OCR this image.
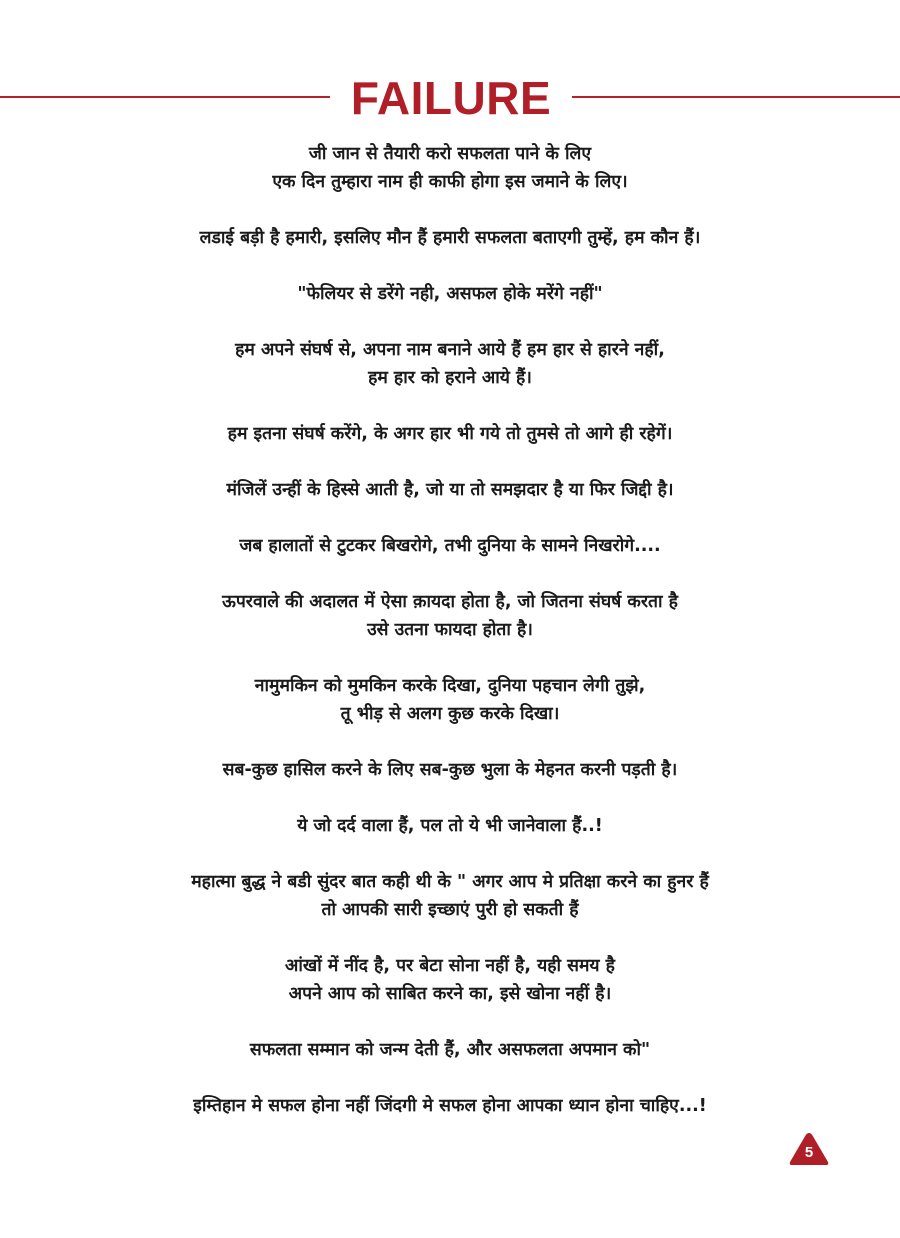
FAILURE
जी जान से तैयारी करो सफलता पाने के लिए
एक दिन तुम्हारा नाम ही काफी होगा इस जमाने के लिए।
लडाई बड़ी है हमारी, इसलिए मौन हैं हमारी सफलता बताएगी तुम्हें, हम कौन हैं।
"फेलियर से डरेंगे नही, असफल होके मरेंगे नहीं"
हम अपने संघर्ष से, अपना नाम बनाने आये हैं हम हार से हारने नहीं,
हम हार को हराने आये हैं।
हम इतना संघर्ष करेंगे, के अगर हार भी गये तो तुमसे तो आगे ही रहेगें।
मंजिलें उन्हीं के हिस्से आती है, जो या तो समझदार है या फिर जिद्दी है।
जब हालातों से टुटकर बिखरोगे, तभी दुनिया के सामने निखरोगे....
ऊपरवाले की अदालत में ऐसा क़ायदा होता है, जो जितना संघर्ष करता है
उसे उतना फायदा होता है।
नामुमकिन को मुमकिन करके दिखा, दुनिया पहचान लेगी तुझे,
तू भीड़ से अलग कुछ करके दिखा।
सब-कुछ हासिल करने के लिए सब-कुछ भुला के मेहनत करनी पड़ती है।
ये जो दर्द वाला हैं, पल तो ये भी जानेवाला हैं..!
महात्मा बुद्ध ने बडी सुंदर बात कही थी के " अगर आप मे प्रतिक्षा करने का हुनर हैं
तो आपकी सारी इच्छाएं पुरी हो सकती हैं
आंखों में नींद है, पर बेटा सोना नहीं है, यही समय है
अपने आप को साबित करने का, इसे खोना नहीं है।
सफलता सम्मान को जन्म देती हैं, और असफलता अपमान को"
इम्तिहान मे सफल होना नहीं जिंदगी मे सफल होना आपका ध्यान होना चाहिए...!
5
